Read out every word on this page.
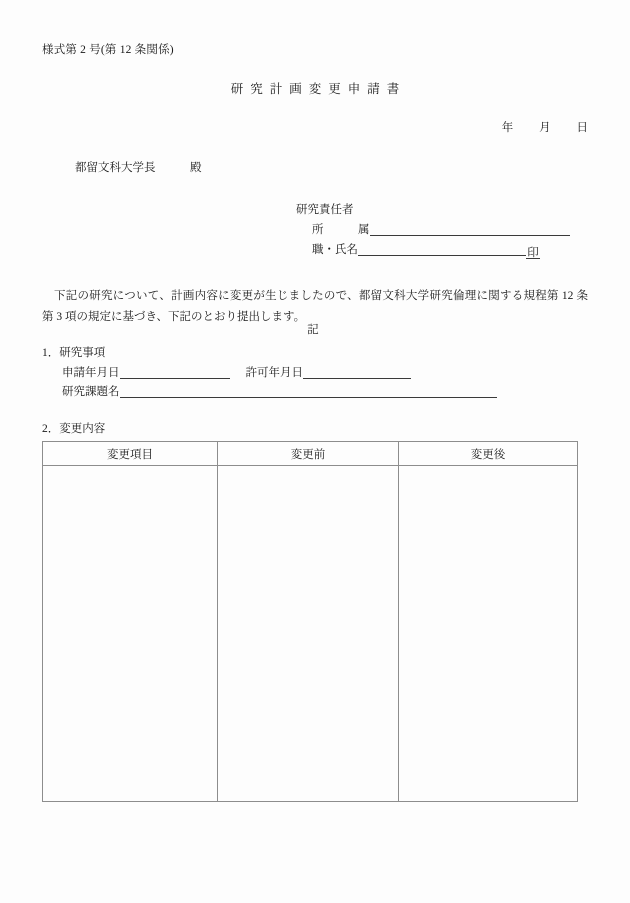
様式第 2 号(第 12 条関係)
研究計画変更申請書
年　　 月　　 日
都留文科大学長　　　殿
研究責任者
所　　　属
職・氏名	印
下記の研究について、計画内容に変更が生じましたので、都留文科大学研究倫理に関する規程第 12 条第 3 項の規定に基づき、下記のとおり提出します。
記
1．研究事項
申請年月日	許可年月日
研究課題名
2．変更内容
変更項目	変更前	変更後
